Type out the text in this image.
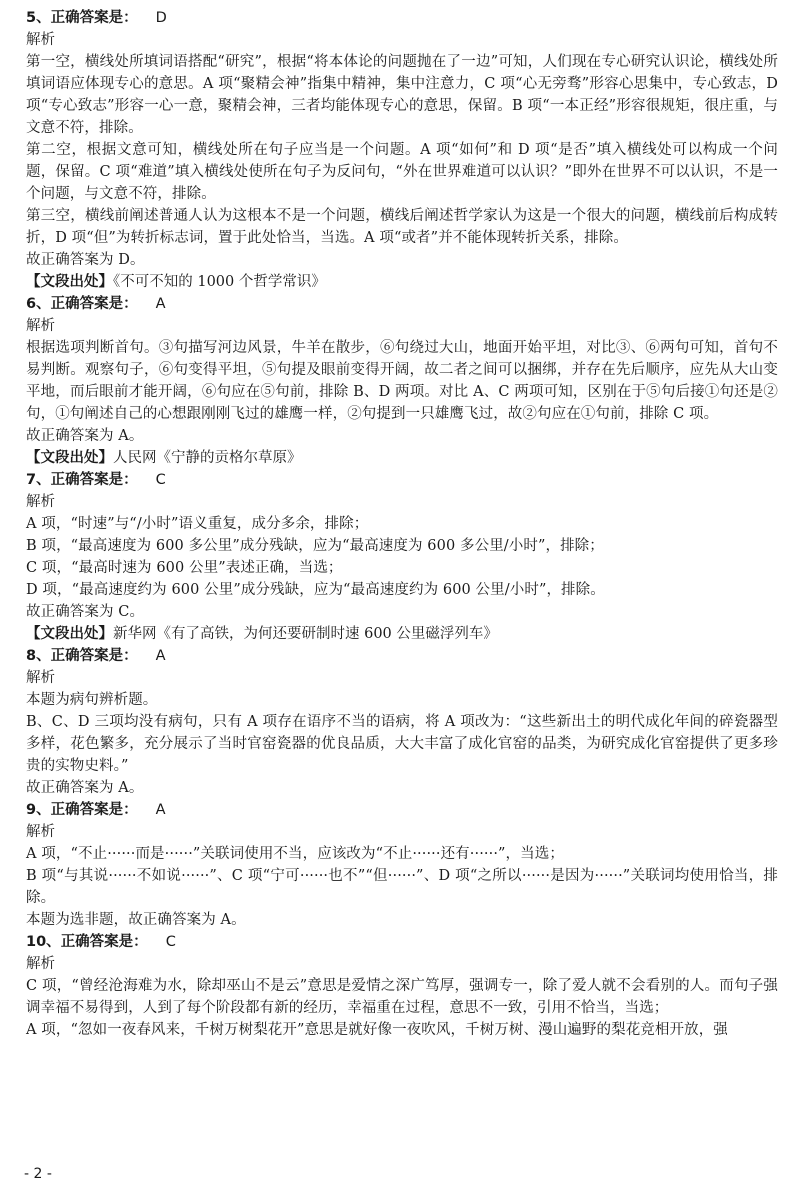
5、正确答案是： D
解析
第一空，横线处所填词语搭配“研究”，根据“将本体论的问题抛在了一边”可知，人们现在专心研究认识论，横线处所填词语应体现专心的意思。A 项“聚精会神”指集中精神，集中注意力，C 项“心无旁骛”形容心思集中，专心致志，D 项“专心致志”形容一心一意，聚精会神，三者均能体现专心的意思，保留。B 项“一本正经”形容很规矩，很庄重，与文意不符，排除。
第二空，根据文意可知，横线处所在句子应当是一个问题。A 项“如何”和 D 项“是否”填入横线处可以构成一个问题，保留。C 项“难道”填入横线处使所在句子为反问句，“外在世界难道可以认识？”即外在世界不可以认识，不是一个问题，与文意不符，排除。
第三空，横线前阐述普通人认为这根本不是一个问题，横线后阐述哲学家认为这是一个很大的问题，横线前后构成转折，D 项“但”为转折标志词，置于此处恰当，当选。A 项“或者”并不能体现转折关系，排除。
故正确答案为 D。
【文段出处】《不可不知的 1000 个哲学常识》
6、正确答案是： A
解析
根据选项判断首句。③句描写河边风景，牛羊在散步，⑥句绕过大山，地面开始平坦，对比③、⑥两句可知，首句不易判断。观察句子，⑥句变得平坦，⑤句提及眼前变得开阔，故二者之间可以捆绑，并存在先后顺序，应先从大山变平地，而后眼前才能开阔，⑥句应在⑤句前，排除 B、D 两项。对比 A、C 两项可知，区别在于⑤句后接①句还是②句，①句阐述自己的心想跟刚刚飞过的雄鹰一样，②句提到一只雄鹰飞过，故②句应在①句前，排除 C 项。
故正确答案为 A。
【文段出处】人民网《宁静的贡格尔草原》
7、正确答案是： C
解析
A 项，“时速”与“/小时”语义重复，成分多余，排除；
B 项，“最高速度为 600 多公里”成分残缺，应为“最高速度为 600 多公里/小时”，排除；
C 项，“最高时速为 600 公里”表述正确，当选；
D 项，“最高速度约为 600 公里”成分残缺，应为“最高速度约为 600 公里/小时”，排除。
故正确答案为 C。
【文段出处】新华网《有了高铁，为何还要研制时速 600 公里磁浮列车》
8、正确答案是： A
解析
本题为病句辨析题。
B、C、D 三项均没有病句，只有 A 项存在语序不当的语病，将 A 项改为：“这些新出土的明代成化年间的碎瓷器型多样，花色繁多，充分展示了当时官窑瓷器的优良品质，大大丰富了成化官窑的品类，为研究成化官窑提供了更多珍贵的实物史料。”
故正确答案为 A。
9、正确答案是： A
解析
A 项，“不止······而是······”关联词使用不当，应该改为“不止······还有······”，当选；
B 项“与其说······不如说······”、C 项“宁可······也不”“但······”、D 项“之所以······是因为······”关联词均使用恰当，排除。
本题为选非题，故正确答案为 A。
10、正确答案是： C
解析
C 项，“曾经沧海难为水，除却巫山不是云”意思是爱情之深广笃厚，强调专一，除了爱人就不会看别的人。而句子强调幸福不易得到，人到了每个阶段都有新的经历，幸福重在过程，意思不一致，引用不恰当，当选；
A 项，“忽如一夜春风来，千树万树梨花开”意思是就好像一夜吹风，千树万树、漫山遍野的梨花竞相开放，强
- 2 -
